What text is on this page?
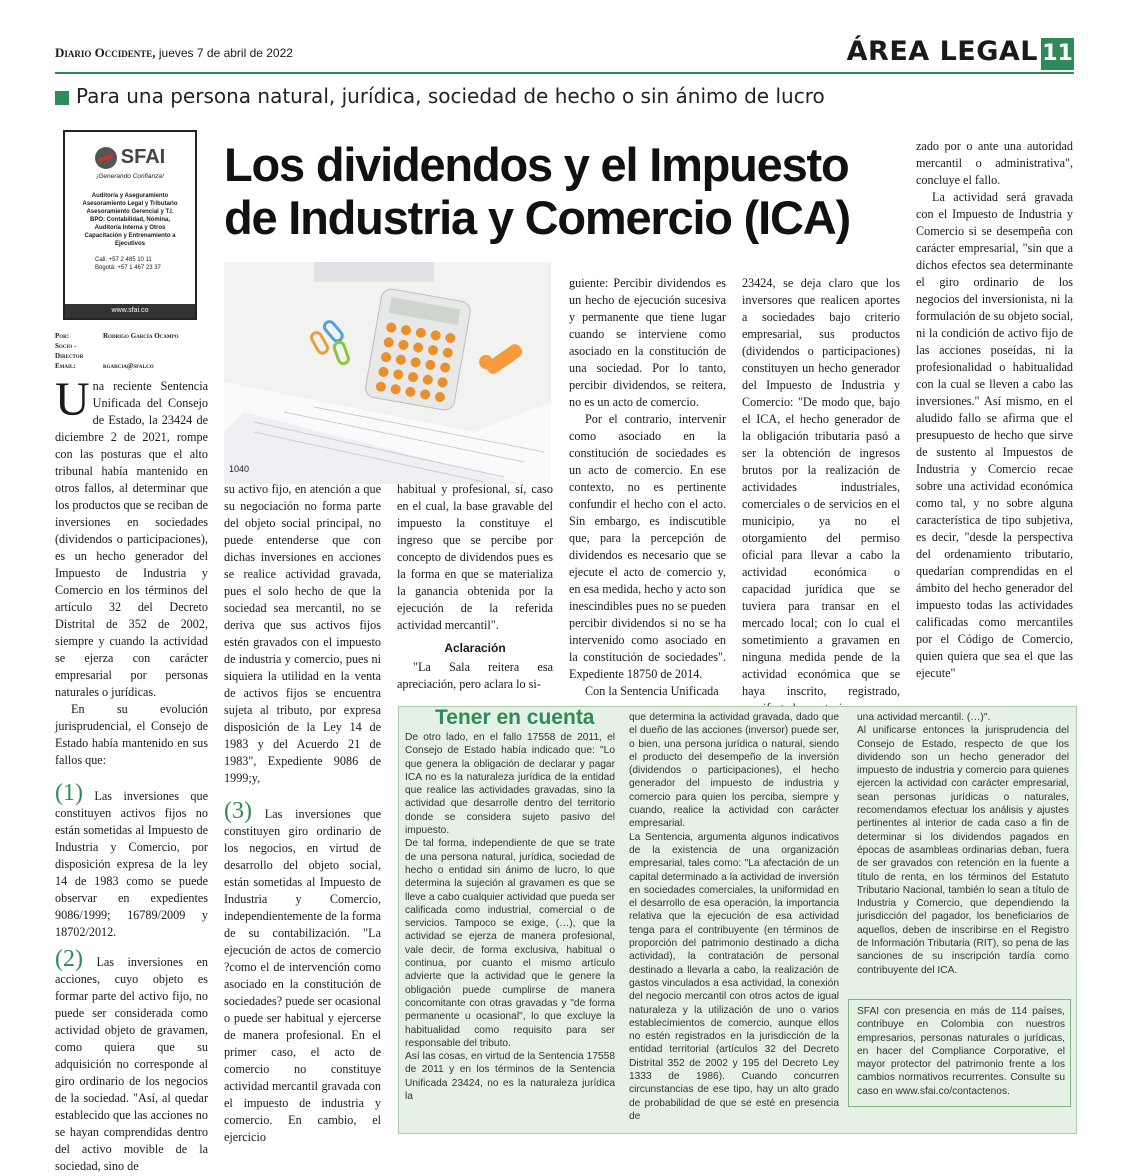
Diario Occidente, jueves 7 de abril de 2022	ÁREA LEGAL 11
Para una persona natural, jurídica, sociedad de hecho o sin ánimo de lucro
SFAI
¡Generando Confianza!
Auditoría y Aseguramiento
Asesoramiento Legal y Tributario
Asesoramiento Gerencial y T.I.
BPO: Contabilidad, Nómina,
Auditoría Interna y Otros
Capacitación y Entrenamiento a
Ejecutivos
Cali: +57 2 485 10 11
Bogotá: +57 1 467 23 37
www.sfai.co
Por:	Rodrigo García Ocampo
Socio - Director
Email:	rgarcia@sfai.co
Los dividendos y el Impuesto de Industria y Comercio (ICA)
1040

Una reciente Sentencia Unificada del Consejo de Estado, la 23424 de diciembre 2 de 2021, rompe con las posturas que el alto tribunal había mantenido en otros fallos, al determinar que los productos que se reciban de inversiones en sociedades (dividendos o participaciones), es un hecho generador del Impuesto de Industria y Comercio en los términos del artículo 32 del Decreto Distrital de 352 de 2002, siempre y cuando la actividad se ejerza con carácter empresarial por personas naturales o jurídicas.

En su evolución jurisprudencial, el Consejo de Estado había mantenido en sus fallos que:

(1) Las inversiones que constituyen activos fijos no están sometidas al Impuesto de Industria y Comercio, por disposición expresa de la ley 14 de 1983 como se puede observar en expedientes 9086/1999; 16789/2009 y 18702/2012.

(2) Las inversiones en acciones, cuyo objeto es formar parte del activo fijo, no puede ser considerada como actividad objeto de gravamen, como quiera que su adquisición no corresponde al giro ordinario de los negocios de la sociedad. "Así, al quedar establecido que las acciones no se hayan comprendidas dentro del activo movible de la sociedad, sino de

su activo fijo, en atención a que su negociación no forma parte del objeto social principal, no puede entenderse que con dichas inversiones en acciones se realice actividad gravada, pues el solo hecho de que la sociedad sea mercantil, no se deriva que sus activos fijos estén gravados con el impuesto de industria y comercio, pues ni siquiera la utilidad en la venta de activos fijos se encuentra sujeta al tributo, por expresa disposición de la Ley 14 de 1983 y del Acuerdo 21 de 1983", Expediente 9086 de 1999;y,

(3) Las inversiones que constituyen giro ordinario de los negocios, en virtud de desarrollo del objeto social, están sometidas al Impuesto de Industria y Comercio, independientemente de la forma de su contabilización. "La ejecución de actos de comercio ?como el de intervención como asociado en la constitución de sociedades? puede ser ocasional o puede ser habitual y ejercerse de manera profesional. En el primer caso, el acto de comercio no constituye actividad mercantil gravada con el impuesto de industria y comercio. En cambio, el ejercicio

habitual y profesional, sí, caso en el cual, la base gravable del impuesto la constituye el ingreso que se percibe por concepto de dividendos pues es la forma en que se materializa la ganancia obtenida por la ejecución de la referida actividad mercantil".

Aclaración

"La Sala reitera esa apreciación, pero aclara lo si-

guiente: Percibir dividendos es un hecho de ejecución sucesiva y permanente que tiene lugar cuando se interviene como asociado en la constitución de una sociedad. Por lo tanto, percibir dividendos, se reitera, no es un acto de comercio.

Por el contrario, intervenir como asociado en la constitución de sociedades es un acto de comercio. En ese contexto, no es pertinente confundir el hecho con el acto. Sin embargo, es indiscutible que, para la percepción de dividendos es necesario que se ejecute el acto de comercio y, en esa medida, hecho y acto son inescindibles pues no se pueden percibir dividendos si no se ha intervenido como asociado en la constitución de sociedades". Expediente 18750 de 2014.

Con la Sentencia Unificada

23424, se deja claro que los inversores que realicen aportes a sociedades bajo criterio empresarial, sus productos (dividendos o participaciones) constituyen un hecho generador del Impuesto de Industria y Comercio: "De modo que, bajo el ICA, el hecho generador de la obligación tributaria pasó a ser la obtención de ingresos brutos por la realización de actividades industriales, comerciales o de servicios en el municipio, ya no el otorgamiento del permiso oficial para llevar a cabo la actividad económica o capacidad jurídica que se tuviera para transar en el mercado local; con lo cual el sometimiento a gravamen en ninguna medida pende de la actividad económica que se haya inscrito, registrado,

zado por o ante una autoridad mercantil o administrativa", concluye el fallo.

La actividad será gravada con el Impuesto de Industria y Comercio si se desempeña con carácter empresarial, "sin que a dichos efectos sea determinante el giro ordinario de los negocios del inversionista, ni la formulación de su objeto social, ni la condición de activo fijo de las acciones poseídas, ni la profesionalidad o habitualidad con la cual se lleven a cabo las inversiones." Así mismo, en el aludido fallo se afirma que el presupuesto de hecho que sirve de sustento al Impuestos de Industria y Comercio recae sobre una actividad económica como tal, y no sobre alguna característica de tipo subjetiva, es decir, "desde la perspectiva del ordenamiento tributario, quedarían comprendidas en el ámbito del hecho generador del impuesto todas las actividades calificadas como mercantiles por el Código de Comercio, quien quiera que sea el que las ejecute"

Tener en cuenta

De otro lado, en el fallo 17558 de 2011, el Consejo de Estado había indicado que: "Lo que genera la obligación de declarar y pagar ICA no es la naturaleza jurídica de la entidad que realice las actividades gravadas, sino la actividad que desarrolle dentro del territorio donde se considera sujeto pasivo del impuesto.

De tal forma, independiente de que se trate de una persona natural, jurídica, sociedad de hecho o entidad sin ánimo de lucro, lo que determina la sujeción al gravamen es que se lleve a cabo cualquier actividad que pueda ser calificada como industrial, comercial o de servicios. Tampoco se exige, (…), que la actividad se ejerza de manera profesional, vale decir, de forma exclusiva, habitual o continua, por cuanto el mismo artículo advierte que la actividad que le genere la obligación puede cumplirse de manera concomitante con otras gravadas y "de forma permanente u ocasional", lo que excluye la habitualidad como requisito para ser responsable del tributo.

Así las cosas, en virtud de la Sentencia 17558 de 2011 y en los términos de la Sentencia Unificada 23424, no es la naturaleza jurídica la

que determina la actividad gravada, dado que el dueño de las acciones (inversor) puede ser, o bien, una persona jurídica o natural, siendo el producto del desempeño de la inversión (dividendos o participaciones), el hecho generador del impuesto de industria y comercio para quien los perciba, siempre y cuando, realice la actividad con carácter empresarial.

La Sentencia, argumenta algunos indicativos de la existencia de una organización empresarial, tales como: "La afectación de un capital determinado a la actividad de inversión en sociedades comerciales, la uniformidad en el desarrollo de esa operación, la importancia relativa que la ejecución de esa actividad tenga para el contribuyente (en términos de proporción del patrimonio destinado a dicha actividad), la contratación de personal destinado a llevarla a cabo, la realización de gastos vinculados a esa actividad, la conexión del negocio mercantil con otros actos de igual naturaleza y la utilización de uno o varios establecimientos de comercio, aunque ellos no estén registrados en la jurisdicción de la entidad territorial (artículos 32 del Decreto Distrital 352 de 2002 y 195 del Decreto Ley 1333 de 1986). Cuando concurren circunstancias de ese tipo, hay un alto grado de probabilidad de que se esté en presencia de

una actividad mercantil. (…)".

Al unificarse entonces la jurisprudencia del Consejo de Estado, respecto de que los dividendo son un hecho generador del impuesto de industria y comercio para quienes ejercen la actividad con carácter empresarial, sean personas jurídicas o naturales, recomendamos efectuar los análisis y ajustes pertinentes al interior de cada caso a fin de determinar si los dividendos pagados en épocas de asambleas ordinarias deban, fuera de ser gravados con retención en la fuente a título de renta, en los términos del Estatuto Tributario Nacional, también lo sean a título de Industria y Comercio, que dependiendo la jurisdicción del pagador, los beneficiarios de aquellos, deben de inscribirse en el Registro de Información Tributaria (RIT), so pena de las sanciones de su inscripción tardía como contribuyente del ICA.

SFAI con presencia en más de 114 países, contribuye en Colombia con nuestros empresarios, personas naturales o jurídicas, en hacer del Compliance Corporative, el mayor protector del patrimonio frente a los cambios normativos recurrentes. Consulte su caso en www.sfai.co/contactenos.
